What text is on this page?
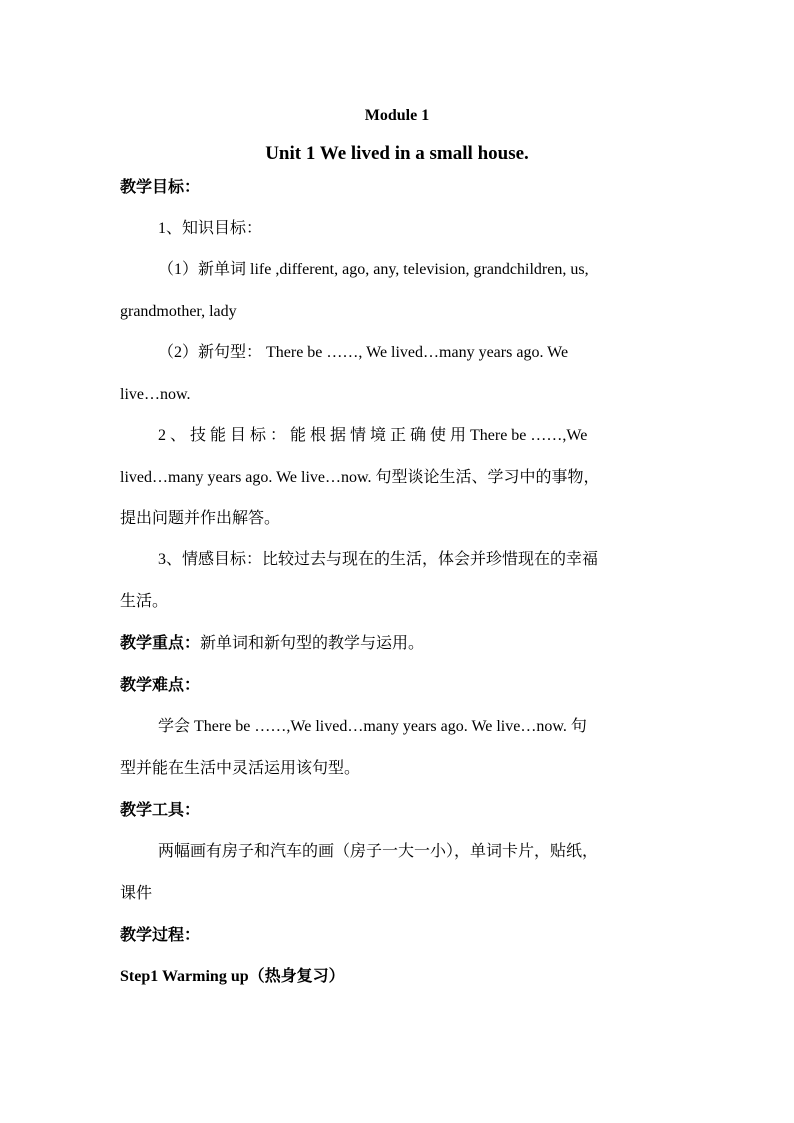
Module 1
Unit 1 We lived in a small house.
教学目标：
1、知识目标：
（1）新单词 life ,different, ago, any, television, grandchildren, us,
grandmother, lady
（2）新句型： There be ……, We lived…many years ago. We
live…now.
2 、 技 能 目 标 ： 能 根 据 情 境 正 确 使 用 There be ……,We
lived…many years ago. We live…now. 句型谈论生活、学习中的事物，
提出问题并作出解答。
3、情感目标：比较过去与现在的生活，体会并珍惜现在的幸福
生活。
教学重点：新单词和新句型的教学与运用。
教学难点：
学会 There be ……,We lived…many years ago. We live…now. 句
型并能在生活中灵活运用该句型。
教学工具：
两幅画有房子和汽车的画（房子一大一小），单词卡片，贴纸，
课件
教学过程：
Step1 Warming up（热身复习）
